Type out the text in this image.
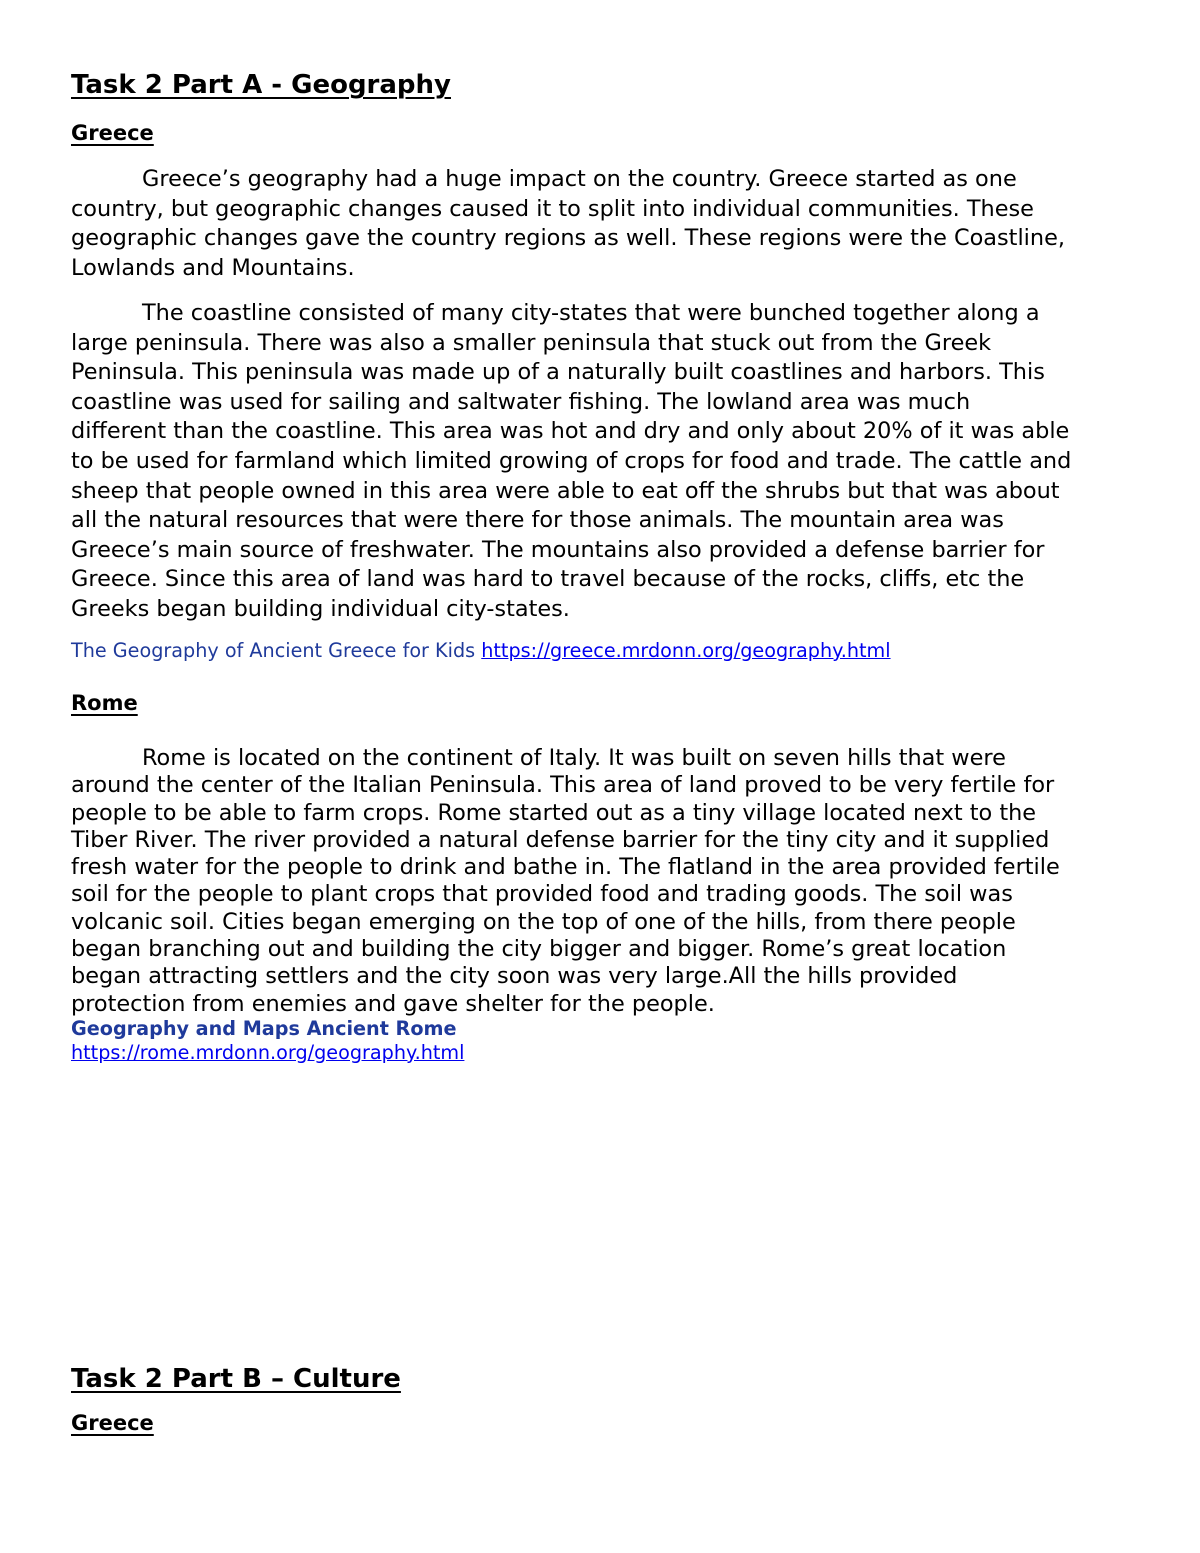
Task 2 Part A - Geography
Greece
Greece’s geography had a huge impact on the country. Greece started as one
country, but geographic changes caused it to split into individual communities. These
geographic changes gave the country regions as well. These regions were the Coastline,
Lowlands and Mountains.
The coastline consisted of many city-states that were bunched together along a
large peninsula. There was also a smaller peninsula that stuck out from the Greek
Peninsula. This peninsula was made up of a naturally built coastlines and harbors. This
coastline was used for sailing and saltwater fishing. The lowland area was much
different than the coastline. This area was hot and dry and only about 20% of it was able
to be used for farmland which limited growing of crops for food and trade. The cattle and
sheep that people owned in this area were able to eat off the shrubs but that was about
all the natural resources that were there for those animals. The mountain area was
Greece’s main source of freshwater. The mountains also provided a defense barrier for
Greece. Since this area of land was hard to travel because of the rocks, cliffs, etc the
Greeks began building individual city-states.
The Geography of Ancient Greece for Kids https://greece.mrdonn.org/geography.html
Rome
Rome is located on the continent of Italy. It was built on seven hills that were
around the center of the Italian Peninsula. This area of land proved to be very fertile for
people to be able to farm crops. Rome started out as a tiny village located next to the
Tiber River. The river provided a natural defense barrier for the tiny city and it supplied
fresh water for the people to drink and bathe in. The flatland in the area provided fertile
soil for the people to plant crops that provided food and trading goods. The soil was
volcanic soil. Cities began emerging on the top of one of the hills, from there people
began branching out and building the city bigger and bigger. Rome’s great location
began attracting settlers and the city soon was very large.All the hills provided
protection from enemies and gave shelter for the people.
Geography and Maps Ancient Rome
https://rome.mrdonn.org/geography.html
Task 2 Part B – Culture
Greece
